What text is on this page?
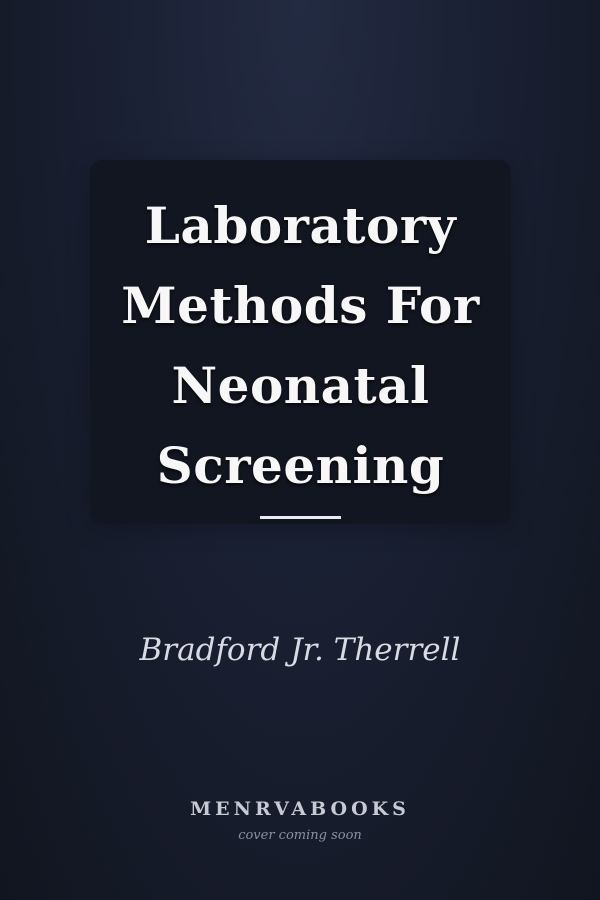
Laboratory
Methods For
Neonatal
Screening
Bradford Jr. Therrell
MENRVABOOKS
cover coming soon
